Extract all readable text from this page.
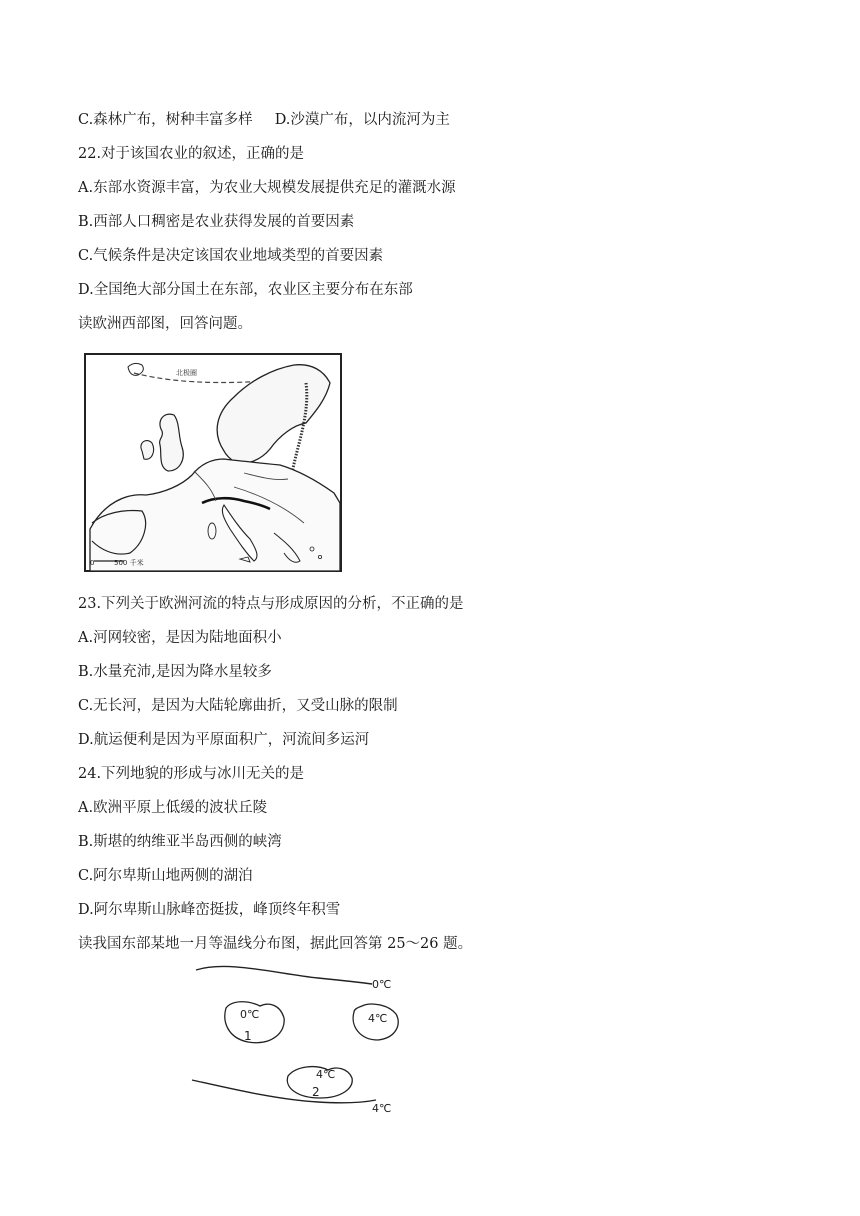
C.森林广布，树种丰富多样 D.沙漠广布，以内流河为主
22.对于该国农业的叙述，正确的是
A.东部水资源丰富，为农业大规模发展提供充足的灌溉水源
B.西部人口稠密是农业获得发展的首要因素
C.气候条件是决定该国农业地域类型的首要因素
D.全国绝大部分国土在东部，农业区主要分布在东部
读欧洲西部图，回答问题。
北极圈
0	500 千米
23.下列关于欧洲河流的特点与形成原因的分析，不正确的是
A.河网较密，是因为陆地面积小
B.水量充沛,是因为降水星较多
C.无长河，是因为大陆轮廓曲折，又受山脉的限制
D.航运便利是因为平原面积广，河流间多运河
24.下列地貌的形成与冰川无关的是
A.欧洲平原上低缓的波状丘陵
B.斯堪的纳维亚半岛西侧的峡湾
C.阿尔卑斯山地两侧的湖泊
D.阿尔卑斯山脉峰峦挺拔，峰顶终年积雪
读我国东部某地一月等温线分布图，据此回答第 25～26 题。
0℃
0℃
1
4℃
4℃
2
4℃
